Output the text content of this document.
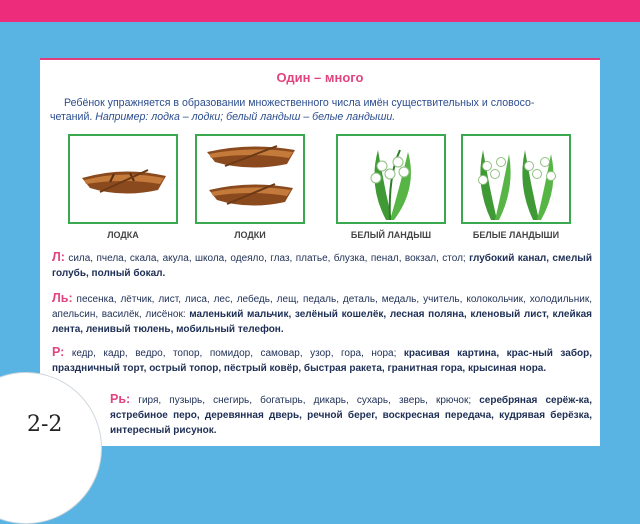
Один – много
Ребёнок упражняется в образовании множественного числа имён существительных и словосо-
четаний. Например: лодка – лодки; белый ландыш – белые ландыши.
ЛОДКА	ЛОДКИ	БЕЛЫЙ ЛАНДЫШ	БЕЛЫЕ ЛАНДЫШИ
Л: сила, пчела, скала, акула, школа, одеяло, глаз, платье, блузка, пенал, вокзал, стол; глубокий канал, смелый голубь, полный бокал.
Ль: песенка, лётчик, лист, лиса, лес, лебедь, лещ, педаль, деталь, медаль, учитель, колокольчик, холодильник, апельсин, василёк, лисёнок: маленький мальчик, зелёный кошелёк, лесная поляна, кленовый лист, клейкая лента, ленивый тюлень, мобильный телефон.
Р: кедр, кадр, ведро, топор, помидор, самовар, узор, гора, нора; красивая картина, крас-ный забор, праздничный торт, острый топор, пёстрый ковёр, быстрая ракета, гранитная гора, крысиная нора.
Рь: гиря, пузырь, снегирь, богатырь, дикарь, сухарь, зверь, крючок; серебряная серёж-ка, ястребиное перо, деревянная дверь, речной берег, воскресная передача, кудрявая берёзка, интересный рисунок.
2-2
